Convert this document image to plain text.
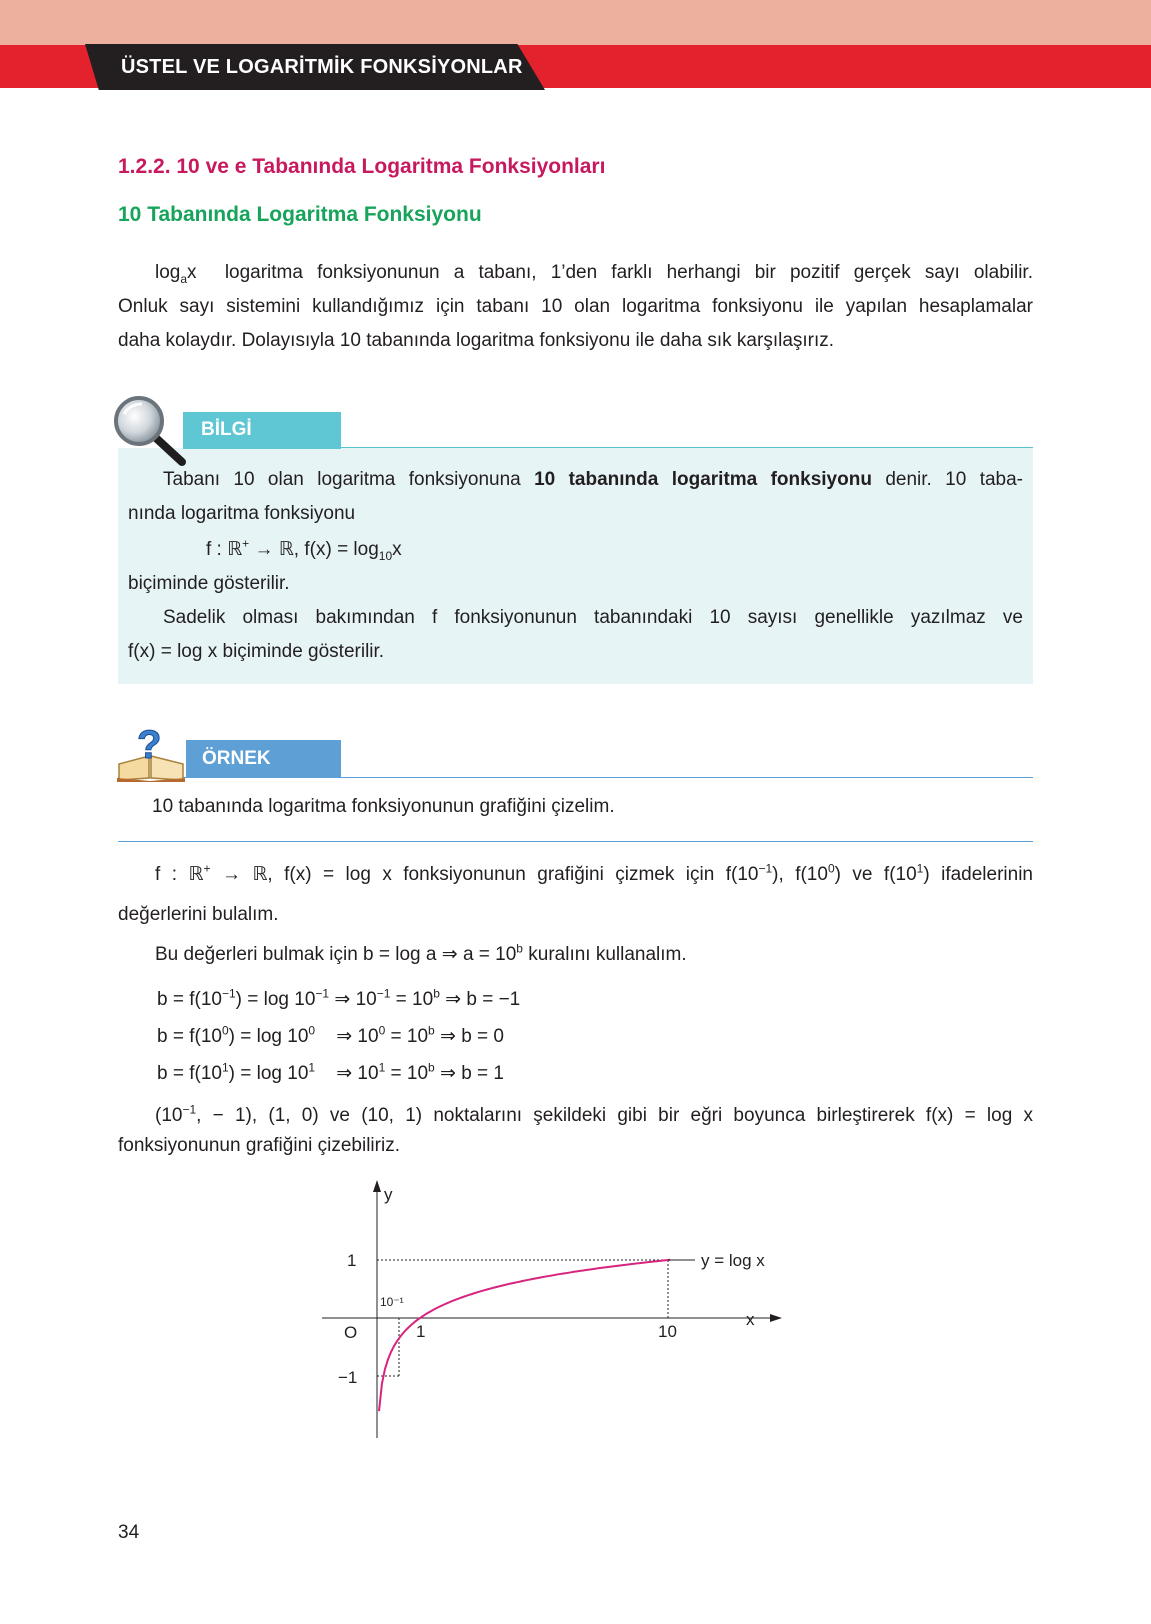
ÜSTEL VE LOGARİTMİK FONKSİYONLAR
1.2.2. 10 ve e Tabanında Logaritma Fonksiyonları
10 Tabanında Logaritma Fonksiyonu
$\log_ax$ logaritma fonksiyonunun a tabanı, 1’den farklı herhangi bir pozitif gerçek sayı olabilir.
Onluk sayı sistemini kullandığımız için tabanı 10 olan logaritma fonksiyonu ile yapılan hesaplamalar
daha kolaydır. Dolayısıyla 10 tabanında logaritma fonksiyonu ile daha sık karşılaşırız.
BİLGİ
Tabanı 10 olan logaritma fonksiyonuna 10 tabanında logaritma fonksiyonu denir. 10 taba-
nında logaritma fonksiyonu
f : ℝ+ → ℝ, $f(x) = \log_{10}x$
biçiminde gösterilir.
Sadelik olması bakımından f fonksiyonunun tabanındaki 10 sayısı genellikle yazılmaz ve
f(x) = log x biçiminde gösterilir.
ÖRNEK
?
10 tabanında logaritma fonksiyonunun grafiğini çizelim.
f : ℝ+ → ℝ, f(x) = log x fonksiyonunun grafiğini çizmek için $f(10^{-1})$, $f(10^0)$ ve $f(10^1)$ ifadelerinin
değerlerini bulalım.
Bu değerleri bulmak için b = log a ⇒ $a = 10^b$ kuralını kullanalım.
$b = f(10^{-1}) = \log 10^{-1}$ ⇒ $10^{-1} = 10^b$ ⇒ b = −1
$b = f(10^0) = \log 10^0$    ⇒ $10^0 = 10^b$ ⇒ b = 0
$b = f(10^1) = \log 10^1$    ⇒ $10^1 = 10^b$ ⇒ b = 1
($10^{-1}$, − 1), (1, 0) ve (10, 1) noktalarını şekildeki gibi bir eğri boyunca birleştirerek f(x) = log x
fonksiyonunun grafiğini çizebiliriz.
y
x
O
1
−1
10⁻¹
1	10
y = log x
34
